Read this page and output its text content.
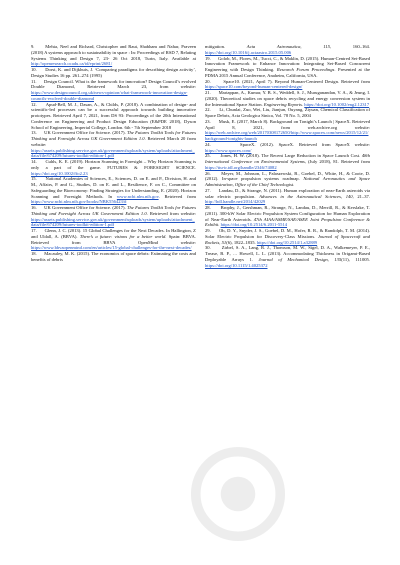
9. Mehta, Neel and Richard, Christopher and Raut, Shabham and Nahar, Praveen (2018) A systems approach to sustainability in space : In: Proceedings of RSD 7, Relating Systems Thinking and Design 7, 23- 26 Oct 2018, Turin, Italy. Available at http://openresearch.ocadu.ca/id/eprint/2681/

10. Dorst, K. and Dijkhuis, J. ‘Comparing paradigms for describing design activity’, Design Studies 16 pp. 261–274 (1995)

11. Design Council. What is the framework for innovation? Design Council’s evolved Double Diamond, Retrieved March 23, from website: https://www.designcouncil.org.uk/news-opinion/what-framework-innovation-design-councils-evolved-double-diamond

12. Apud-Bell, M. J., Dasan, A., & Childs, P. (2018). A combination of design- and scientific-led processes can be a successful approach towards building innovative prototypes. Retrieved April 7, 2021, from DS 93: Proceedings of the 20th International Conference on Engineering and Product Design Education (E&PDE 2018), Dyson School of Engineering, Imperial College, London. 6th - 7th September 2018

13. UK Government Office for Science. (2017). The Futures Toolkit Tools for Futures Thinking and Foresight Across UK Government Edition 1.0. Retrieved March 20 from website: https://assets.publishing.service.gov.uk/government/uploads/system/uploads/attachment_data/file/674209/futures-toolkit-edition-1.pdf

14. Cuhls, K. E. (2019). Horizon Scanning in Foresight – Why Horizon Scanning is only a part of the game. FUTURES & FORESIGHT SCIENCE. https://doi.org/10.1002/ffo2.23

15. National Academies of Sciences, E., Sciences, D. on E. and P., Division, H. and M., Affairs, P. and G., Studies, D. on E. and L., Resilience, F. on C., Committee on Safeguarding the Bioeconomy: Finding Strategies for Understanding, E. (2020). Horizon Scanning and Foresight Methods. In www.ncbi.nlm.nih.gov. Retrieved from https://www.ncbi.nlm.nih.gov/books/NBK556423/#

16. UK Government Office for Science. (2017). The Futures Toolkit Tools for Futures Thinking and Foresight Across UK Government Edition 1.0. Retrieved from website: https://assets.publishing.service.gov.uk/government/uploads/system/uploads/attachment_data/file/674209/futures-toolkit-edition-1.pdf

17. Glenn, J. C. (2013). 15 Global Challenges for the Next Decades. In Hallington, Z and Uldall, A. (BBVA). There’s a future: visions for a better world. Spain: BBVA. Retrieved from BBVA OpenMind website: https://www.bbvaopenmind.com/en/articles/15-global-challenges-for-the-next-decades/

18. Macauley, M. K. (2015). The economics of space debris: Estimating the costs and benefits of debris

mitigation. Acta Astronautica, 115, 160–164. https://doi.org/10.1016/j.actaastro.2015.05.006

19. Golob, M., Flores, M., Tucci, C., & Maklin, D. (2015). Human-Centred Set-Based Innovation Framework to Enhance Innovation: Integrating Set-Based Concurrent Engineering with Design Thinking. Research Forum Proceedings. Presented at the PDMA 2015 Annual Conference, Anaheim, California, USA.

20.	Space10. (2021, April 7). Beyond Human-Centered Design. Retrieved from https://space10.com/beyond-human-centered-design/

21. Mariappan, A., Kumar, Y. B. S., Weddell, S. J., Muruganandan, V. A., & Jeung, I. (2020). Theoretical studies on space debris recycling and energy conversion system in the International Space Station. Engineering Reports. https://doi.org/10.1002/eng2.12317

22. Li, Chunlai, Zuo, Wei, Liu, Jianjun, Ouyang, Ziyuan, Chemical Classification of Space Debris, Acta Geologica Sinica, Vol. 78 No. 5, 2004

23. Musk, E. (2017, March 8). Background on Tonight’s Launch | SpaceX. Retrieved April 8, 2021, from web.archive.org website: https://web.archive.org/web/20170308172650/http://www.spacex.com/news/2015/12/21/background-tonights-launch

24.	SpaceX. (2012). SpaceX. Retrieved from SpaceX website: https://www.spacex.com/

25. Jones, H. W. (2018). The Recent Large Reduction in Space Launch Cost. 48th International Conference on Environmental Systems, (July 2018), 81. Retrieved from https://ttu-ir.tdl.org/handle/2346/74082

26. Meyer, M., Johnson, L., Palaszewski, B., Goebel, D., White, H., & Coote, D. (2012). In-space propulsion systems roadmap. National Aeronautics and Space Administration, Office of the Chief Technologist.

27. Landau, D., & Strange, N. (2011). Human exploration of near-Earth asteroids via solar electric propulsion. Advances in the Astronautical Sciences, 140, 21–37. http://hdl.handle.net/2014/42029

28. Brophy, J., Gershman, R., Strange, N., Landau, D., Merrill, R., & Kerslake, T. (2011). 300-kW Solar Electric Propulsion System Configuration for Human Exploration of Near-Earth Asteroids. 47th AIAA/ASME/SAE/ASEE Joint Propulsion Conference & Exhibit. https://doi.org/10.2514/6.2011-5514

29. Oh, D. Y., Snyder, J. S., Goebel, D. M., Hofer, R. R., & Randolph, T. M. (2014). Solar Electric Propulsion for Discovery-Class Missions. Journal of Spacecraft and Rockets, 51(6), 1822–1835. https://doi.org/10.2514/1.a32889

30. Zirbel, S. A., Lang, R. J., Thomson, M. W., Sigel, D. A., Walkemeyer, P. E., Trease, B. P., … Howell, L. L. (2013). Accommodating Thickness in Origami-Based Deployable Arrays 1. Journal of Mechanical Design, 135(11), 111005. https://doi.org/10.1115/1.4025372
